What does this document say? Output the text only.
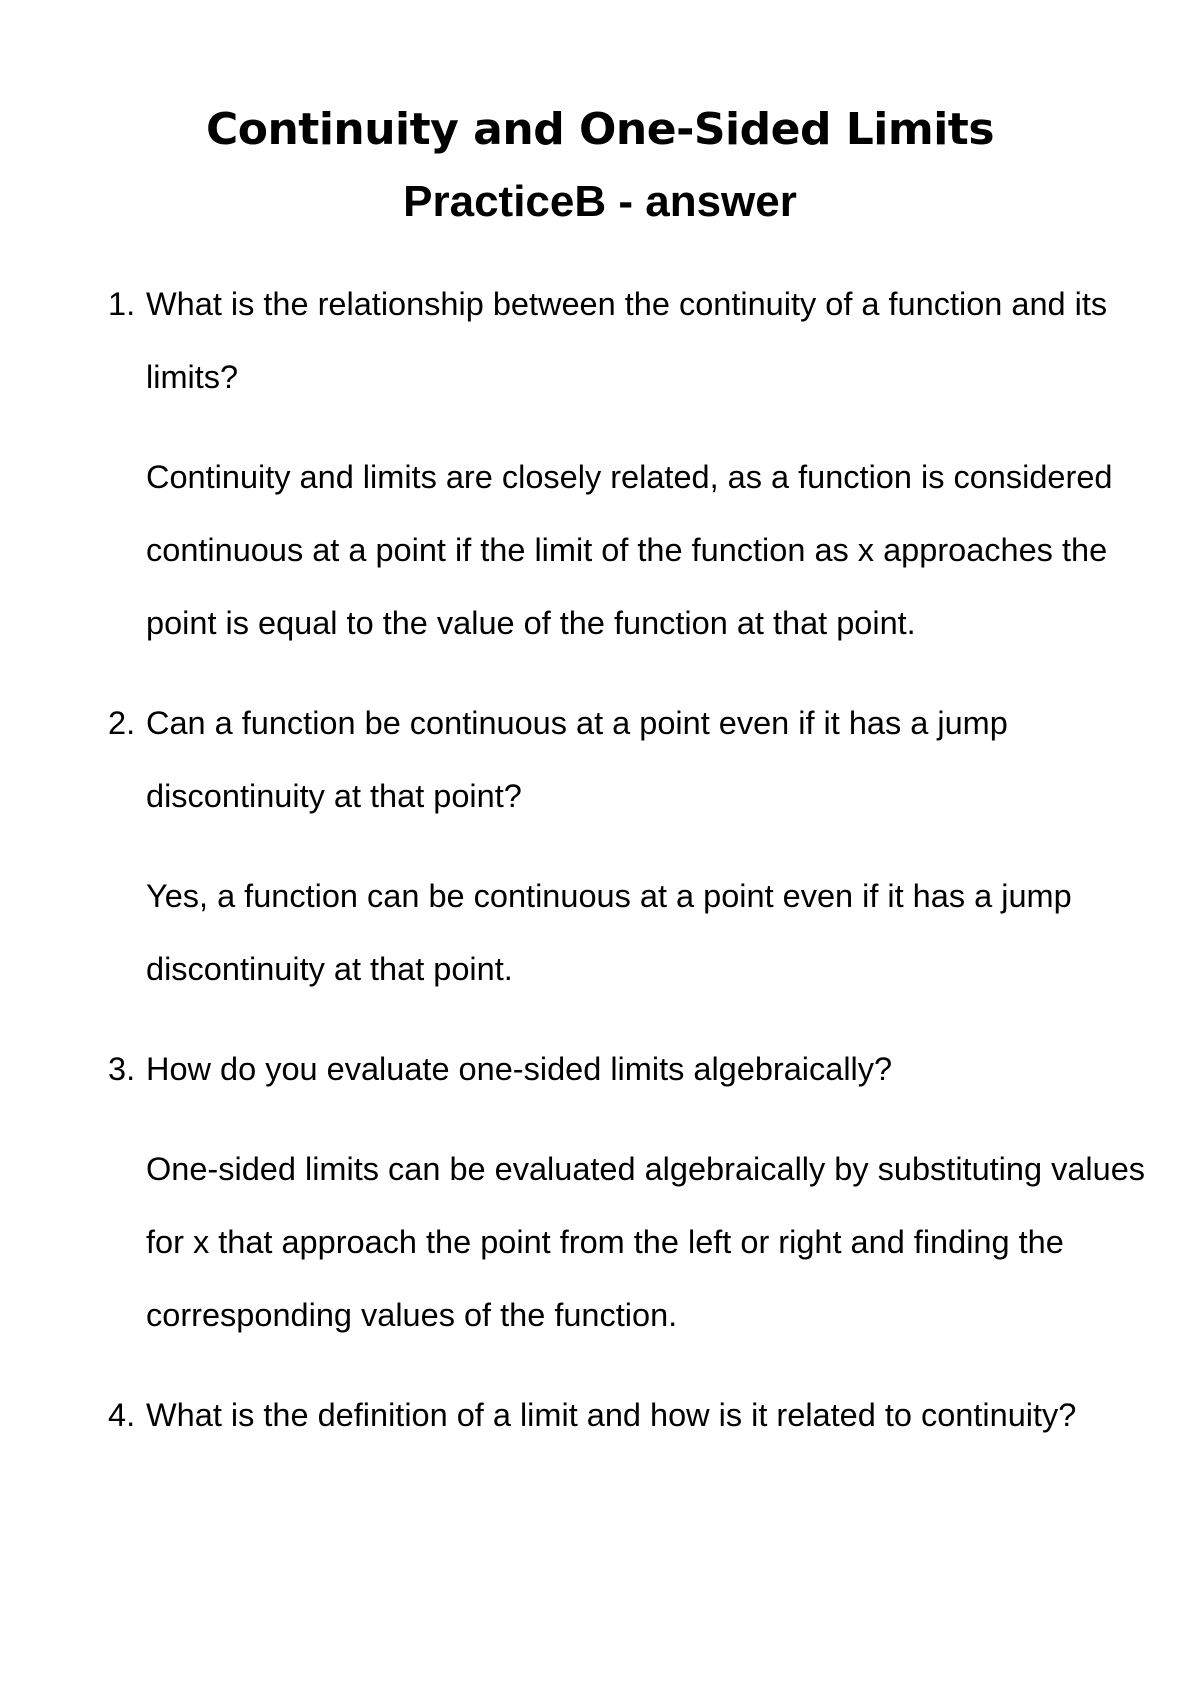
Continuity and One-Sided Limits
PracticeB - answer
1. What is the relationship between the continuity of a function and its limits?
Continuity and limits are closely related, as a function is considered continuous at a point if the limit of the function as x approaches the point is equal to the value of the function at that point.
2. Can a function be continuous at a point even if it has a jump discontinuity at that point?
Yes, a function can be continuous at a point even if it has a jump discontinuity at that point.
3. How do you evaluate one-sided limits algebraically?
One-sided limits can be evaluated algebraically by substituting values for x that approach the point from the left or right and finding the corresponding values of the function.
4. What is the definition of a limit and how is it related to continuity?
